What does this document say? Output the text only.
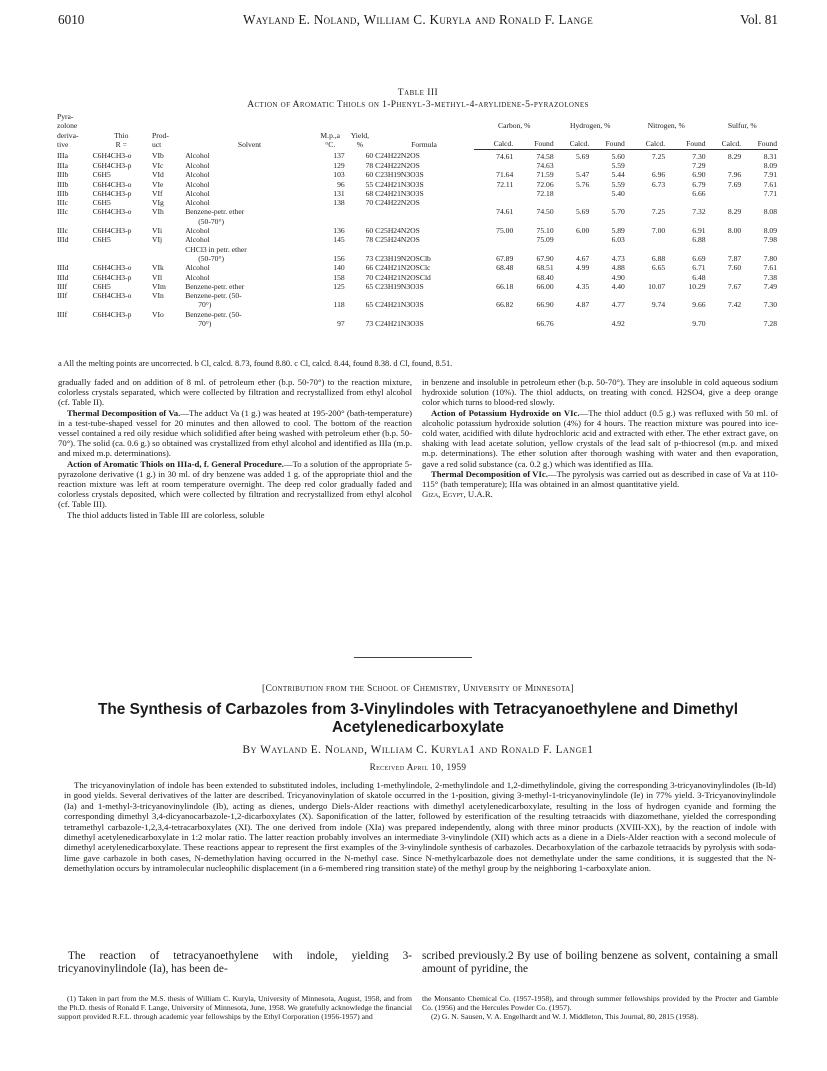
6010	Wayland E. Noland, William C. Kuryla and Ronald F. Lange	Vol. 81
Table III
Action of Aromatic Thiols on 1-Phenyl-3-methyl-4-arylidene-5-pyrazolones
Pyra-
zolone
deriva-
tive	Thio
R =	Prod-
uct	Solvent	M.p.,a
°C.	Yield,
%	Formula	Carbon, %		Hydrogen, %		Nitrogen, %		Sulfur, %	
							Calcd.	Found	Calcd.	Found	Calcd.	Found	Calcd.	Found
IIIa	C6H4CH3-o	VIb	Alcohol	137	60	C24H22N2OS	74.61	74.58	5.69	5.60	7.25	7.30	8.29	8.31
IIIa	C6H4CH3-p	VIc	Alcohol	129	78	C24H22N2OS		74.63		5.59		7.29		8.09
IIIb	C6H5	VId	Alcohol	103	60	C23H19N3O3S	71.64	71.59	5.47	5.44	6.96	6.90	7.96	7.91
IIIb	C6H4CH3-o	VIe	Alcohol	96	55	C24H21N3O3S	72.11	72.06	5.76	5.59	6.73	6.79	7.69	7.61
IIIb	C6H4CH3-p	VIf	Alcohol	131	68	C24H21N3O3S		72.18		5.40		6.66		7.71
IIIc	C6H5	VIg	Alcohol	138	70	C24H22N2OS								
IIIc	C6H4CH3-o	VIh	Benzene-petr. ether				74.61	74.50	5.69	5.70	7.25	7.32	8.29	8.08
			(50-70°)											
IIIc	C6H4CH3-p	VIi	Alcohol	136	60	C25H24N2OS	75.00	75.10	6.00	5.89	7.00	6.91	8.00	8.09
IIId	C6H5	VIj	Alcohol	145	78	C25H24N2OS		75.09		6.03		6.88		7.98
			CHCl3 in petr. ether											
			(50-70°)	156	73	C23H19N2OSClb	67.89	67.90	4.67	4.73	6.88	6.69	7.87	7.80
IIId	C6H4CH3-o	VIk	Alcohol	140	66	C24H21N2OSClc	68.48	68.51	4.99	4.88	6.65	6.71	7.60	7.61
IIId	C6H4CH3-p	VIl	Alcohol	158	70	C24H21N2OSCld		68.40		4.90		6.48		7.38
IIIf	C6H5	VIm	Benzene-petr. ether	125	65	C23H19N3O3S	66.18	66.00	4.35	4.40	10.07	10.29	7.67	7.49
IIIf	C6H4CH3-o	VIn	Benzene-petr. (50-											
			70°)	118	65	C24H21N3O3S	66.82	66.90	4.87	4.77	9.74	9.66	7.42	7.30
IIIf	C6H4CH3-p	VIo	Benzene-petr. (50-											
			70°)	97	73	C24H21N3O3S		66.76		4.92		9.70		7.28
a All the melting points are uncorrected. b Cl, calcd. 8.73, found 8.80. c Cl, calcd. 8.44, found 8.38. d Cl, found, 8.51.

gradually faded and on addition of 8 ml. of petroleum ether (b.p. 50-70°) to the reaction mixture, colorless crystals separated, which were collected by filtration and recrystallized from ethyl alcohol (cf. Table II).

Thermal Decomposition of Va.—The adduct Va (1 g.) was heated at 195-200° (bath-temperature) in a test-tube-shaped vessel for 20 minutes and then allowed to cool. The bottom of the reaction vessel contained a red oily residue which solidified after being washed with petroleum ether (b.p. 50-70°). The solid (ca. 0.6 g.) so obtained was crystallized from ethyl alcohol and identified as IIIa (m.p. and mixed m.p. determinations).

Action of Aromatic Thiols on IIIa-d, f. General Procedure.—To a solution of the appropriate 5-pyrazolone derivative (1 g.) in 30 ml. of dry benzene was added 1 g. of the appropriate thiol and the reaction mixture was left at room temperature overnight. The deep red color gradually faded and colorless crystals deposited, which were collected by filtration and recrystallized from ethyl alcohol (cf. Table III).

The thiol adducts listed in Table III are colorless, soluble

in benzene and insoluble in petroleum ether (b.p. 50-70°). They are insoluble in cold aqueous sodium hydroxide solution (10%). The thiol adducts, on treating with concd. H2SO4, give a deep orange color which turns to blood-red slowly.

Action of Potassium Hydroxide on VIc.—The thiol adduct (0.5 g.) was refluxed with 50 ml. of alcoholic potassium hydroxide solution (4%) for 4 hours. The reaction mixture was poured into ice-cold water, acidified with dilute hydrochloric acid and extracted with ether. The ether extract gave, on shaking with lead acetate solution, yellow crystals of the lead salt of p-thiocresol (m.p. and mixed m.p. determinations). The ether solution after thorough washing with water and then evaporation, gave a red solid substance (ca. 0.2 g.) which was identified as IIIa.

Thermal Decomposition of VIc.—The pyrolysis was carried out as described in case of Va at 110-115° (bath temperature); IIIa was obtained in an almost quantitative yield.

Giza, Egypt, U.A.R.

[Contribution from the School of Chemistry, University of Minnesota]
The Synthesis of Carbazoles from 3-Vinylindoles with Tetracyanoethylene and Dimethyl Acetylenedicarboxylate
By Wayland E. Noland, William C. Kuryla1 and Ronald F. Lange1
Received April 10, 1959

The tricyanovinylation of indole has been extended to substituted indoles, including 1-methylindole, 2-methylindole and 1,2-dimethylindole, giving the corresponding 3-tricyanovinylindoles (Ib-Id) in good yields. Several derivatives of the latter are described. Tricyanovinylation of skatole occurred in the 1-position, giving 3-methyl-1-tricyanovinylindole (Ie) in 77% yield. 3-Tricyanovinylindole (Ia) and 1-methyl-3-tricyanovinylindole (Ib), acting as dienes, undergo Diels-Alder reactions with dimethyl acetylenedicarboxylate, resulting in the loss of hydrogen cyanide and forming the corresponding dimethyl 3,4-dicyanocarbazole-1,2-dicarboxylates (X). Saponification of the latter, followed by esterification of the resulting tetraacids with diazomethane, yielded the corresponding tetramethyl carbazole-1,2,3,4-tetracarboxylates (XI). The one derived from indole (XIa) was prepared independently, along with three minor products (XVIII-XX), by the reaction of indole with dimethyl acetylenedicarboxylate in 1:2 molar ratio. The latter reaction probably involves an intermediate 3-vinylindole (XII) which acts as a diene in a Diels-Alder reaction with a second molecule of dimethyl acetylenedicarboxylate. These reactions appear to represent the first examples of the 3-vinylindole synthesis of carbazoles. Decarboxylation of the carbazole tetraacids by pyrolysis with soda-lime gave carbazole in both cases, N-demethylation having occurred in the N-methyl case. Since N-methylcarbazole does not demethylate under the same conditions, it is suggested that the N-demethylation occurs by intramolecular nucleophilic displacement (in a 6-membered ring transition state) of the methyl group by the neighboring 1-carboxylate anion.

The reaction of tetracyanoethylene with indole, yielding 3-tricyanovinylindole (Ia), has been de-

scribed previously.2 By use of boiling benzene as solvent, containing a small amount of pyridine, the

(1) Taken in part from the M.S. thesis of William C. Kuryla, University of Minnesota, August, 1958, and from the Ph.D. thesis of Ronald F. Lange, University of Minnesota, June, 1958. We gratefully acknowledge the financial support provided R.F.L. through academic year fellowships by the Ethyl Corporation (1956-1957) and

the Monsanto Chemical Co. (1957-1958), and through summer fellowships provided by the Procter and Gamble Co. (1956) and the Hercules Powder Co. (1957).

(2) G. N. Sausen, V. A. Engelhardt and W. J. Middleton, This Journal, 80, 2815 (1958).
